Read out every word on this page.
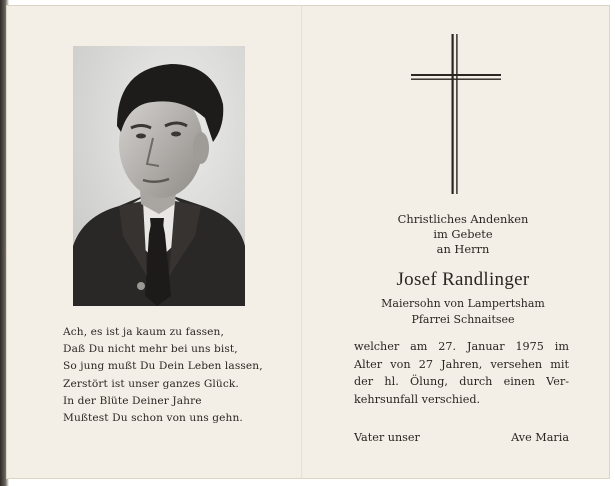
Ach, es ist ja kaum zu fassen,
Daß Du nicht mehr bei uns bist,
So jung mußt Du Dein Leben lassen,
Zerstört ist unser ganzes Glück.
In der Blüte Deiner Jahre
Mußtest Du schon von uns gehn.
Christliches Andenken
im Gebete
an Herrn
Josef Randlinger
Maiersohn von Lampertsham
Pfarrei Schnaitsee
welcher am 27. Januar 1975 im
Alter von 27 Jahren, versehen mit
der hl. Ölung, durch einen Ver-
kehrsunfall verschied.
Vater unser	Ave Maria
